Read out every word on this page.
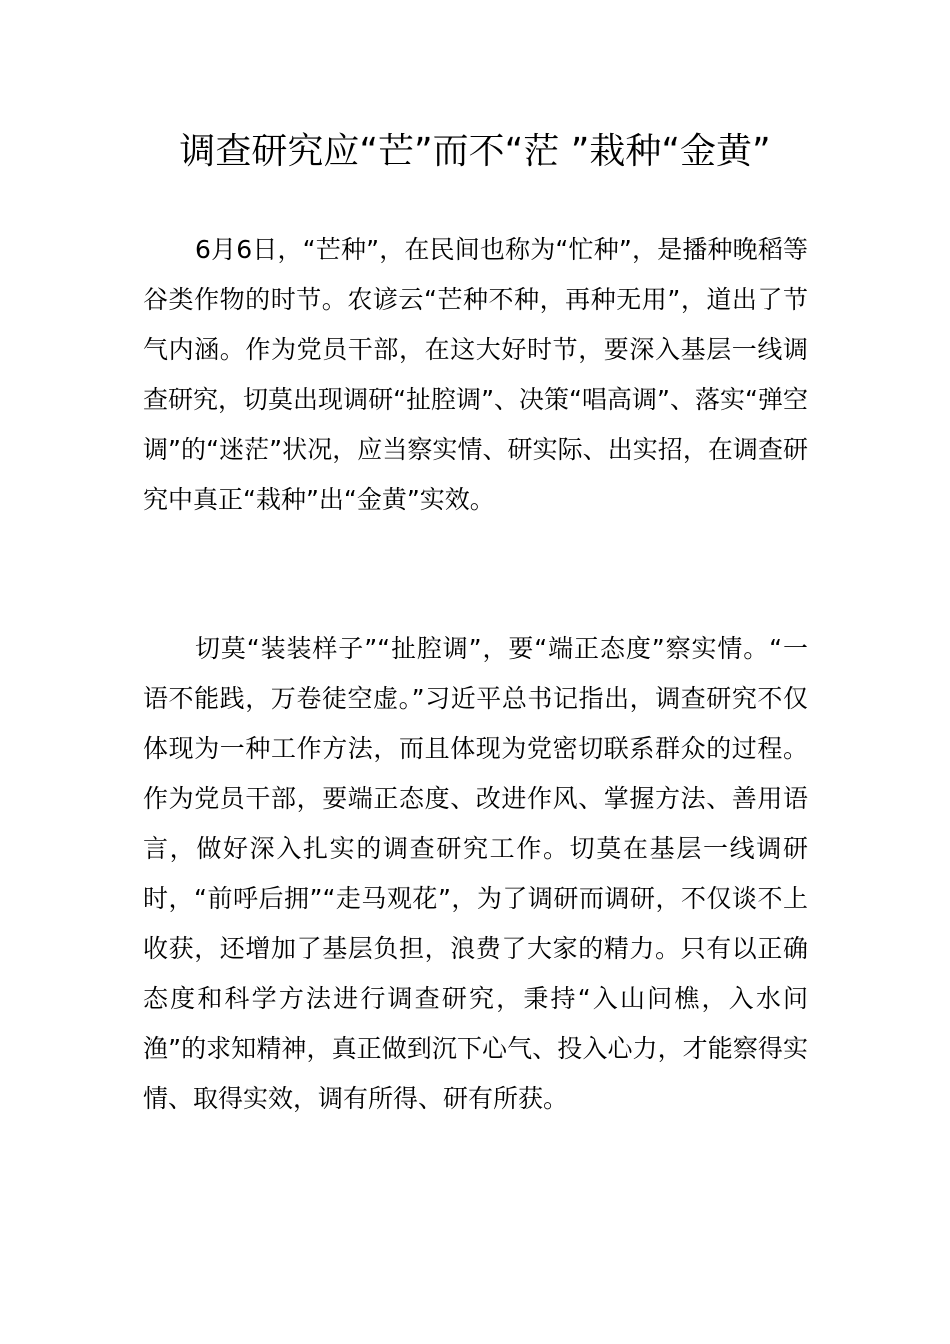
调查研究应“芒”而不“茫 ”栽种“金黄”

6月6日，“芒种”，在民间也称为“忙种”，是播种晚稻等谷类作物的时节。农谚云“芒种不种，再种无用”，道出了节气内涵。作为党员干部，在这大好时节，要深入基层一线调查研究，切莫出现调研“扯腔调”、决策“唱高调”、落实“弹空调”的“迷茫”状况，应当察实情、研实际、出实招，在调查研究中真正“栽种”出“金黄”实效。

切莫“装装样子”“扯腔调”，要“端正态度”察实情。“一语不能践，万卷徒空虚。”习近平总书记指出，调查研究不仅体现为一种工作方法，而且体现为党密切联系群众的过程。作为党员干部，要端正态度、改进作风、掌握方法、善用语言，做好深入扎实的调查研究工作。切莫在基层一线调研时，“前呼后拥”“走马观花”，为了调研而调研，不仅谈不上收获，还增加了基层负担，浪费了大家的精力。只有以正确态度和科学方法进行调查研究，秉持“入山问樵，入水问渔”的求知精神，真正做到沉下心气、投入心力，才能察得实情、取得实效，调有所得、研有所获。
